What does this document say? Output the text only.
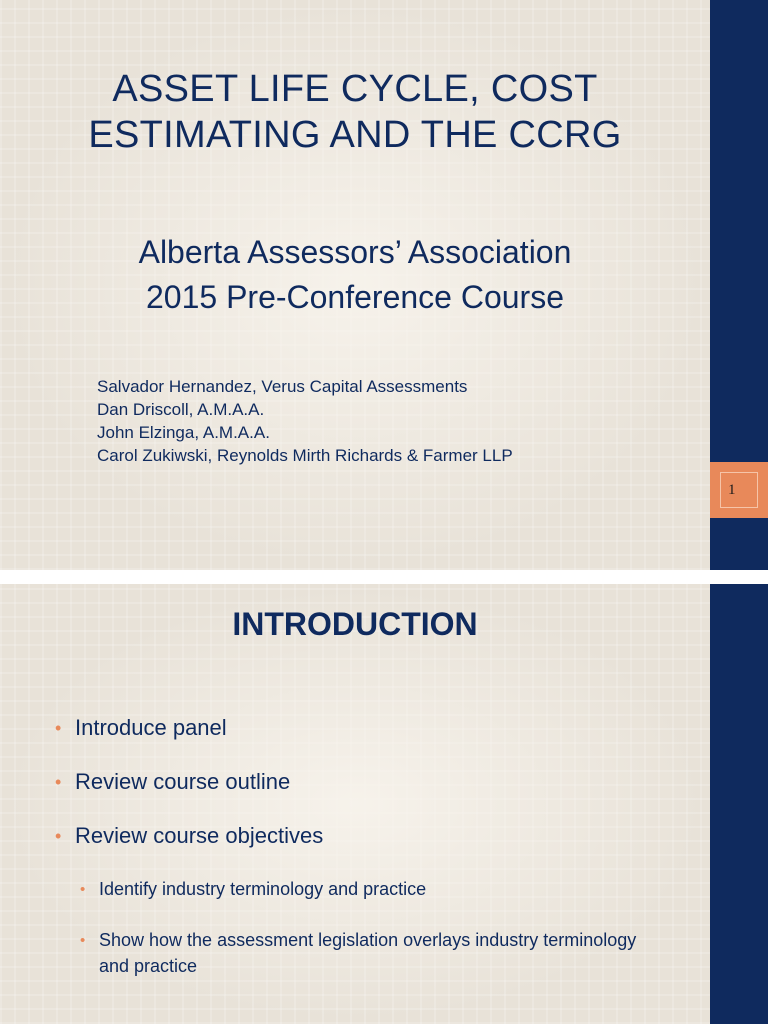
ASSET LIFE CYCLE, COST
ESTIMATING AND THE CCRG
Alberta Assessors’ Association
2015 Pre-Conference Course
Salvador Hernandez, Verus Capital Assessments
Dan Driscoll, A.M.A.A.
John Elzinga, A.M.A.A.
Carol Zukiwski, Reynolds Mirth Richards & Farmer LLP
1
INTRODUCTION
• Introduce panel
• Review course outline
• Review course objectives
• Identify industry terminology and practice
• Show how the assessment legislation overlays industry terminology and practice
